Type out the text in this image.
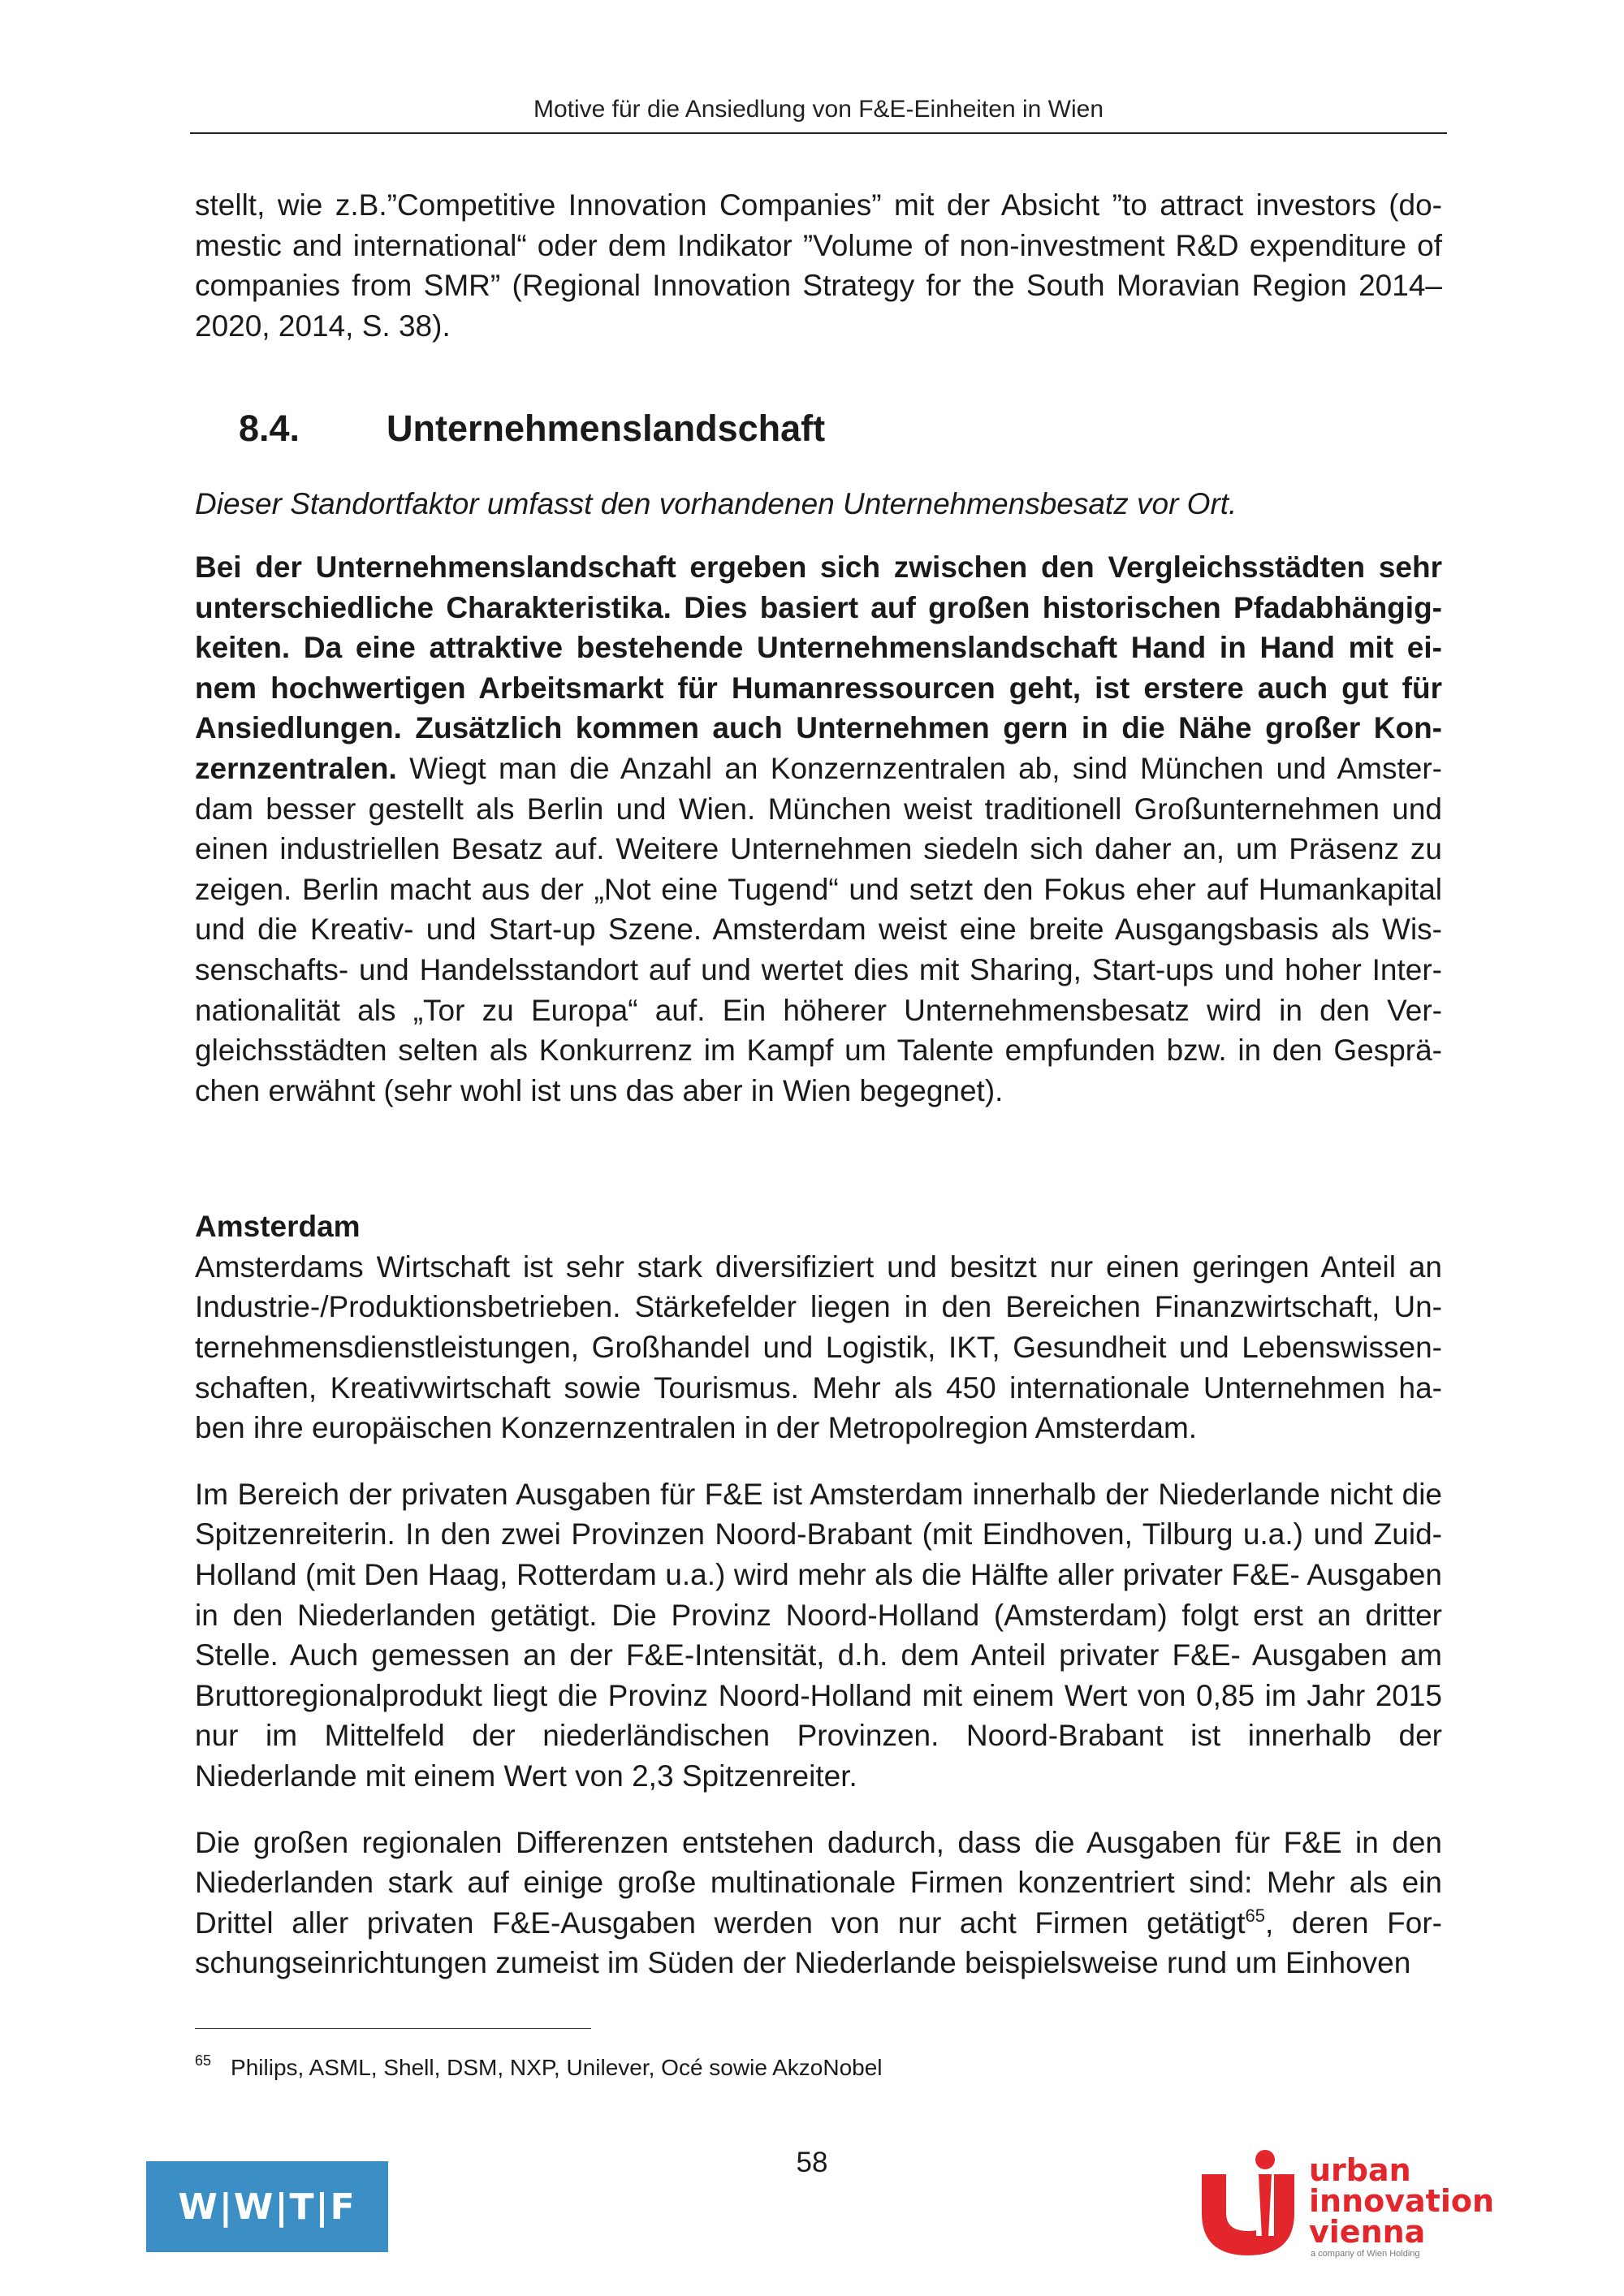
Motive für die Ansiedlung von F&E-Einheiten in Wien

stellt, wie z.B.”Competitive Innovation Companies” mit der Absicht ”to attract investors (do- mestic and international“ oder dem Indikator ”Volume of non-investment R&D expenditure of companies from SMR” (Regional Innovation Strategy for the South Moravian Region 2014– 2020, 2014, S. 38).

8.4. Unternehmenslandschaft

Dieser Standortfaktor umfasst den vorhandenen Unternehmensbesatz vor Ort.

Bei der Unternehmenslandschaft ergeben sich zwischen den Vergleichsstädten sehr unterschiedliche Charakteristika. Dies basiert auf großen historischen Pfadabhängig- keiten. Da eine attraktive bestehende Unternehmenslandschaft Hand in Hand mit ei- nem hochwertigen Arbeitsmarkt für Humanressourcen geht, ist erstere auch gut für Ansiedlungen. Zusätzlich kommen auch Unternehmen gern in die Nähe großer Kon- zernzentralen. Wiegt man die Anzahl an Konzernzentralen ab, sind München und Amster- dam besser gestellt als Berlin und Wien. München weist traditionell Großunternehmen und einen industriellen Besatz auf. Weitere Unternehmen siedeln sich daher an, um Präsenz zu zeigen. Berlin macht aus der „Not eine Tugend“ und setzt den Fokus eher auf Humankapital und die Kreativ- und Start-up Szene. Amsterdam weist eine breite Ausgangsbasis als Wis- senschafts- und Handelsstandort auf und wertet dies mit Sharing, Start-ups und hoher Inter- nationalität als „Tor zu Europa“ auf. Ein höherer Unternehmensbesatz wird in den Ver- gleichsstädten selten als Konkurrenz im Kampf um Talente empfunden bzw. in den Gesprä- chen erwähnt (sehr wohl ist uns das aber in Wien begegnet).

Amsterdam

Amsterdams Wirtschaft ist sehr stark diversifiziert und besitzt nur einen geringen Anteil an Industrie-/Produktionsbetrieben. Stärkefelder liegen in den Bereichen Finanzwirtschaft, Un- ternehmensdienstleistungen, Großhandel und Logistik, IKT, Gesundheit und Lebenswissen- schaften, Kreativwirtschaft sowie Tourismus. Mehr als 450 internationale Unternehmen ha- ben ihre europäischen Konzernzentralen in der Metropolregion Amsterdam.

Im Bereich der privaten Ausgaben für F&E ist Amsterdam innerhalb der Niederlande nicht die Spitzenreiterin. In den zwei Provinzen Noord-Brabant (mit Eindhoven, Tilburg u.a.) und Zuid-Holland (mit Den Haag, Rotterdam u.a.) wird mehr als die Hälfte aller privater F&E- Ausgaben in den Niederlanden getätigt. Die Provinz Noord-Holland (Amsterdam) folgt erst an dritter Stelle. Auch gemessen an der F&E-Intensität, d.h. dem Anteil privater F&E- Ausgaben am Bruttoregionalprodukt liegt die Provinz Noord-Holland mit einem Wert von 0,85 im Jahr 2015 nur im Mittelfeld der niederländischen Provinzen. Noord-Brabant ist innerhalb der Niederlande mit einem Wert von 2,3 Spitzenreiter.

Die großen regionalen Differenzen entstehen dadurch, dass die Ausgaben für F&E in den Niederlanden stark auf einige große multinationale Firmen konzentriert sind: Mehr als ein Drittel aller privaten F&E-Ausgaben werden von nur acht Firmen getätigt$^{65}$, deren For- schungseinrichtungen zumeist im Süden der Niederlande beispielsweise rund um Einhoven

$^{65}$ Philips, ASML, Shell, DSM, NXP, Unilever, Océ sowie AkzoNobel
58
W|W|T|F
urban
innovation
vienna
a company of Wien Holding
